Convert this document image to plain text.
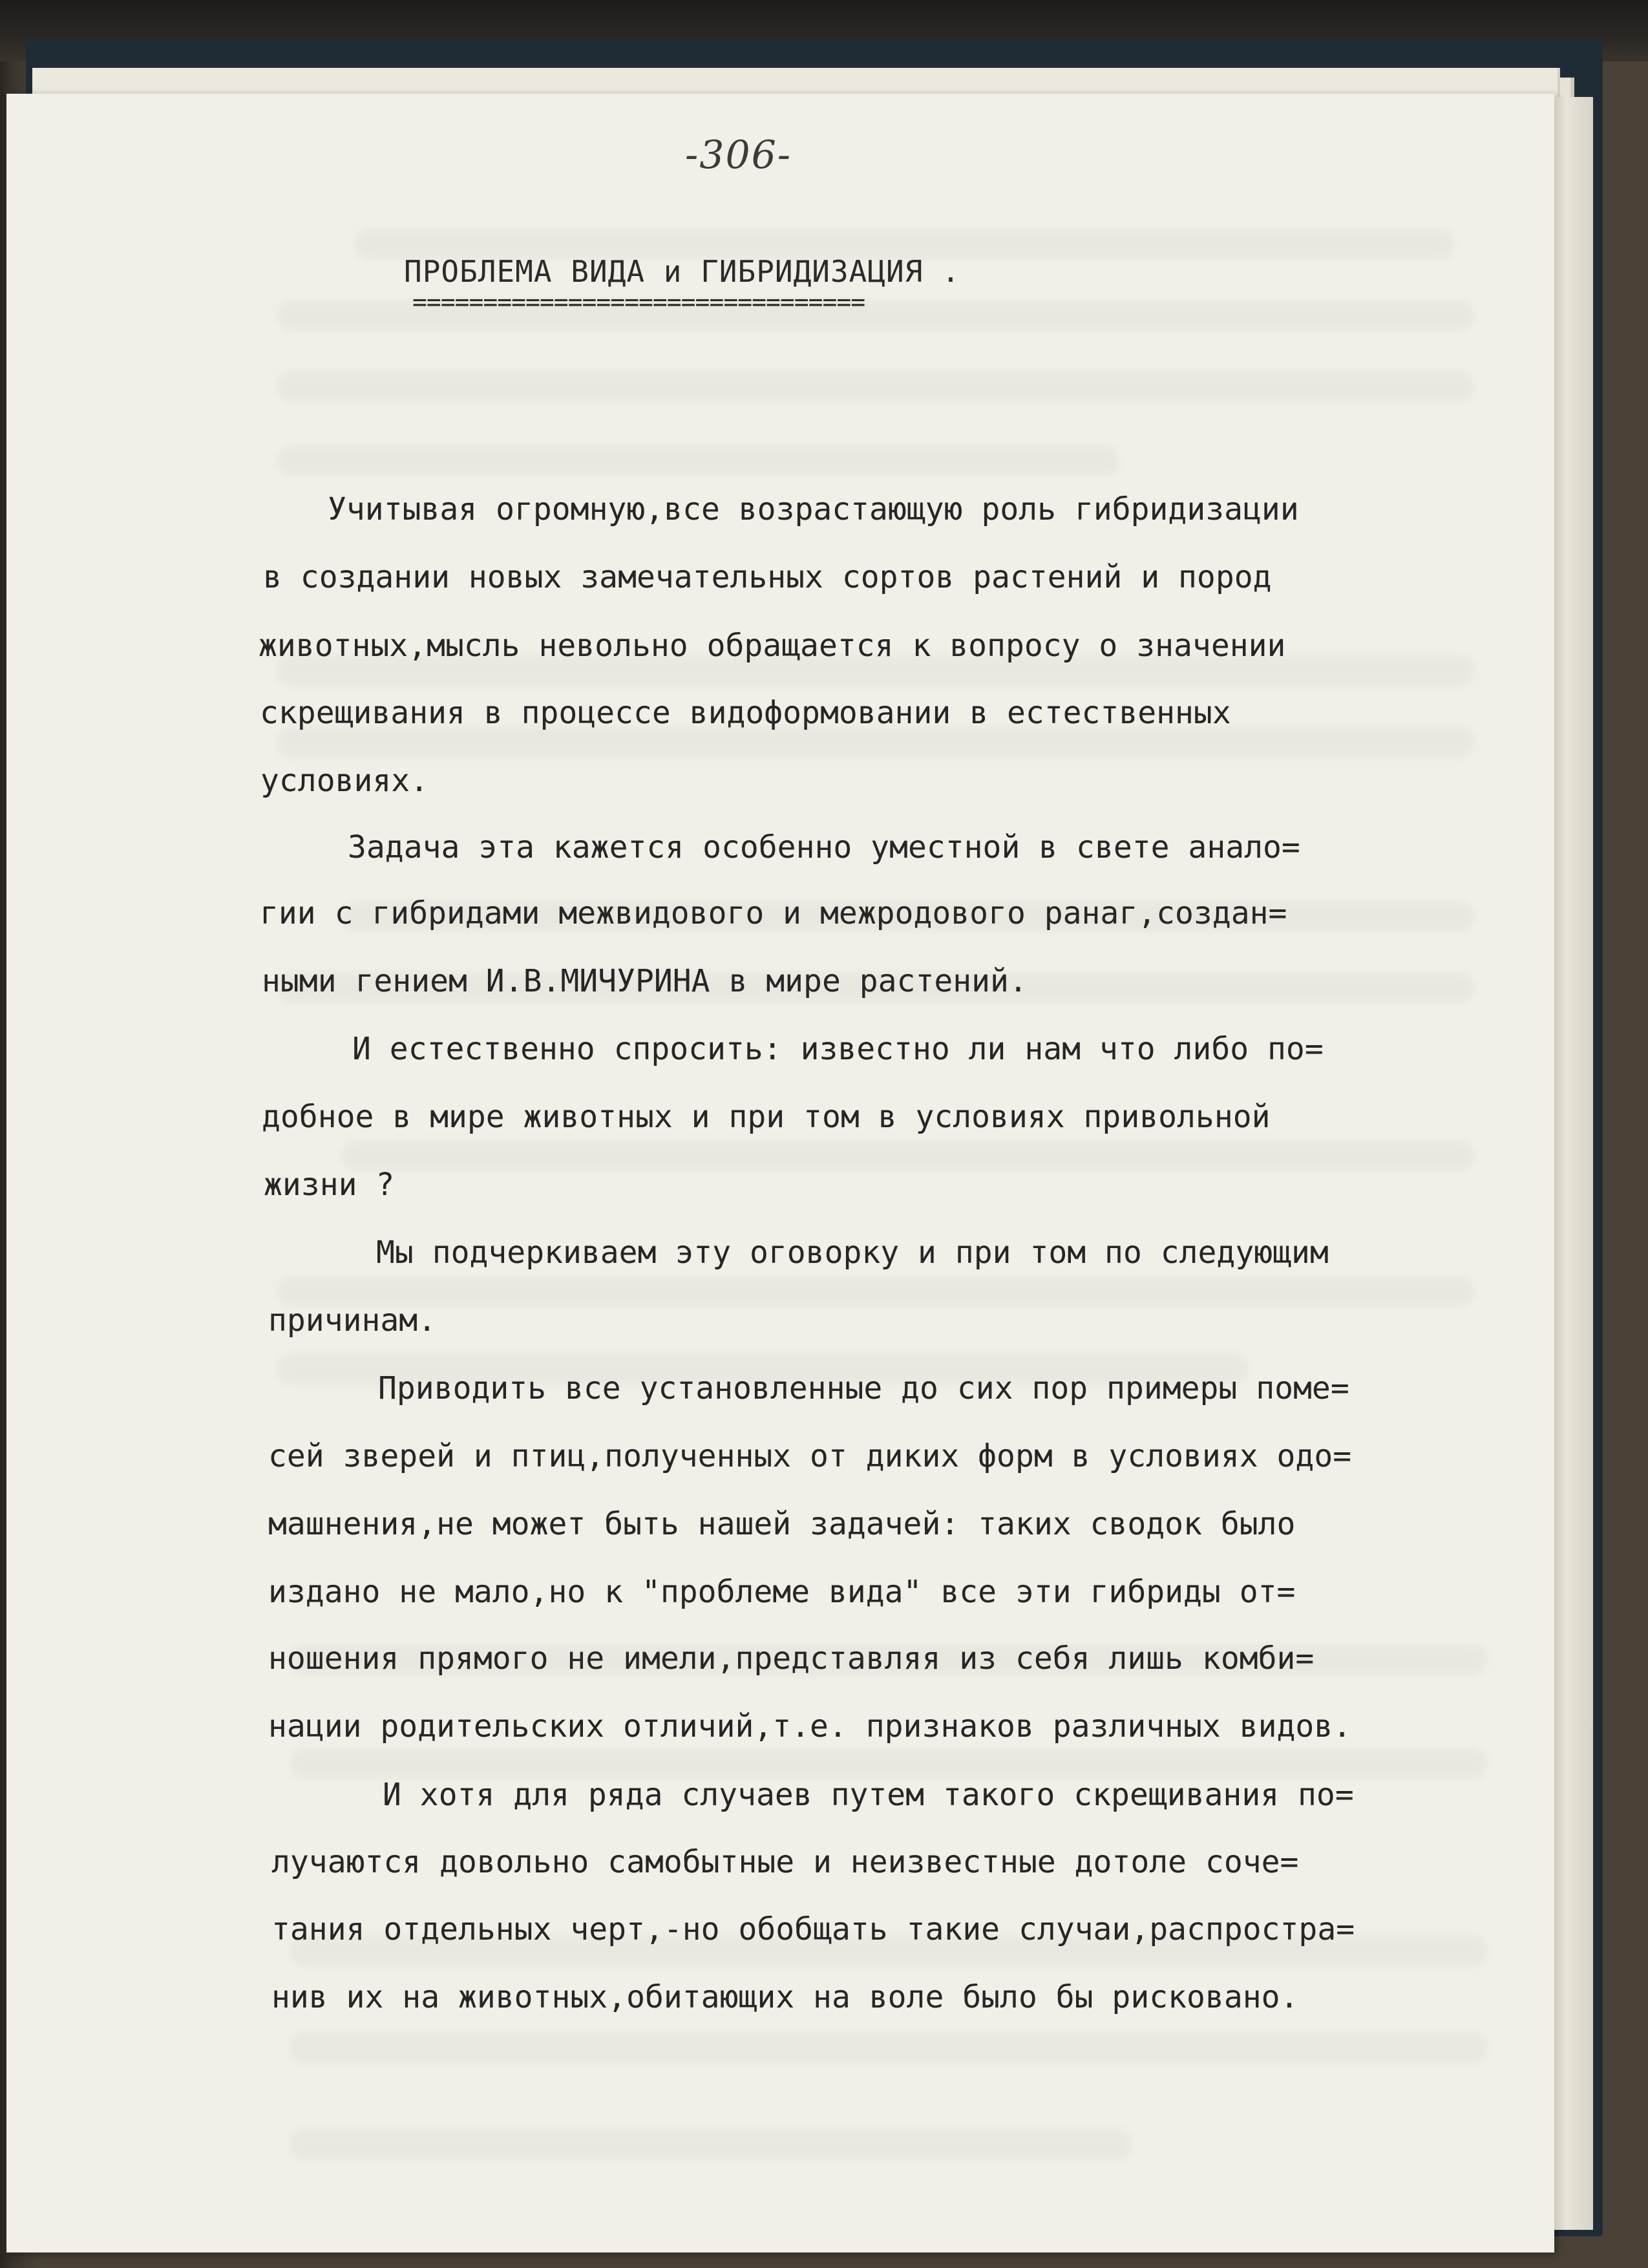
-306-
ПРОБЛЕМА ВИДА и ГИБРИДИЗАЦИЯ .
================================
Учитывая огромную,все возрастающую роль гибридизации
в создании новых замечательных сортов растений и пород
животных,мысль невольно обращается к вопросу о значении
скрещивания в процессе видоформовании в естественных
условиях.
Задача эта кажется особенно уместной в свете анало=
гии с гибридами межвидового и межродового ранаг,создан=
ными гением И.В.МИЧУРИНА в мире растений.
И естественно спросить: известно ли нам что либо по=
добное в мире животных и при том в условиях привольной
жизни ?
Мы подчеркиваем эту оговорку и при том по следующим
причинам.
Приводить все установленные до сих пор примеры поме=
сей зверей и птиц,полученных от диких форм в условиях одо=
машнения,не может быть нашей задачей: таких сводок было
издано не мало,но к "проблеме вида" все эти гибриды от=
ношения прямого не имели,представляя из себя лишь комби=
нации родительских отличий,т.е. признаков различных видов.
И хотя для ряда случаев путем такого скрещивания по=
лучаются довольно самобытные и неизвестные дотоле соче=
тания отдельных черт,-но обобщать такие случаи,распростра=
нив их на животных,обитающих на воле было бы рисковано.
